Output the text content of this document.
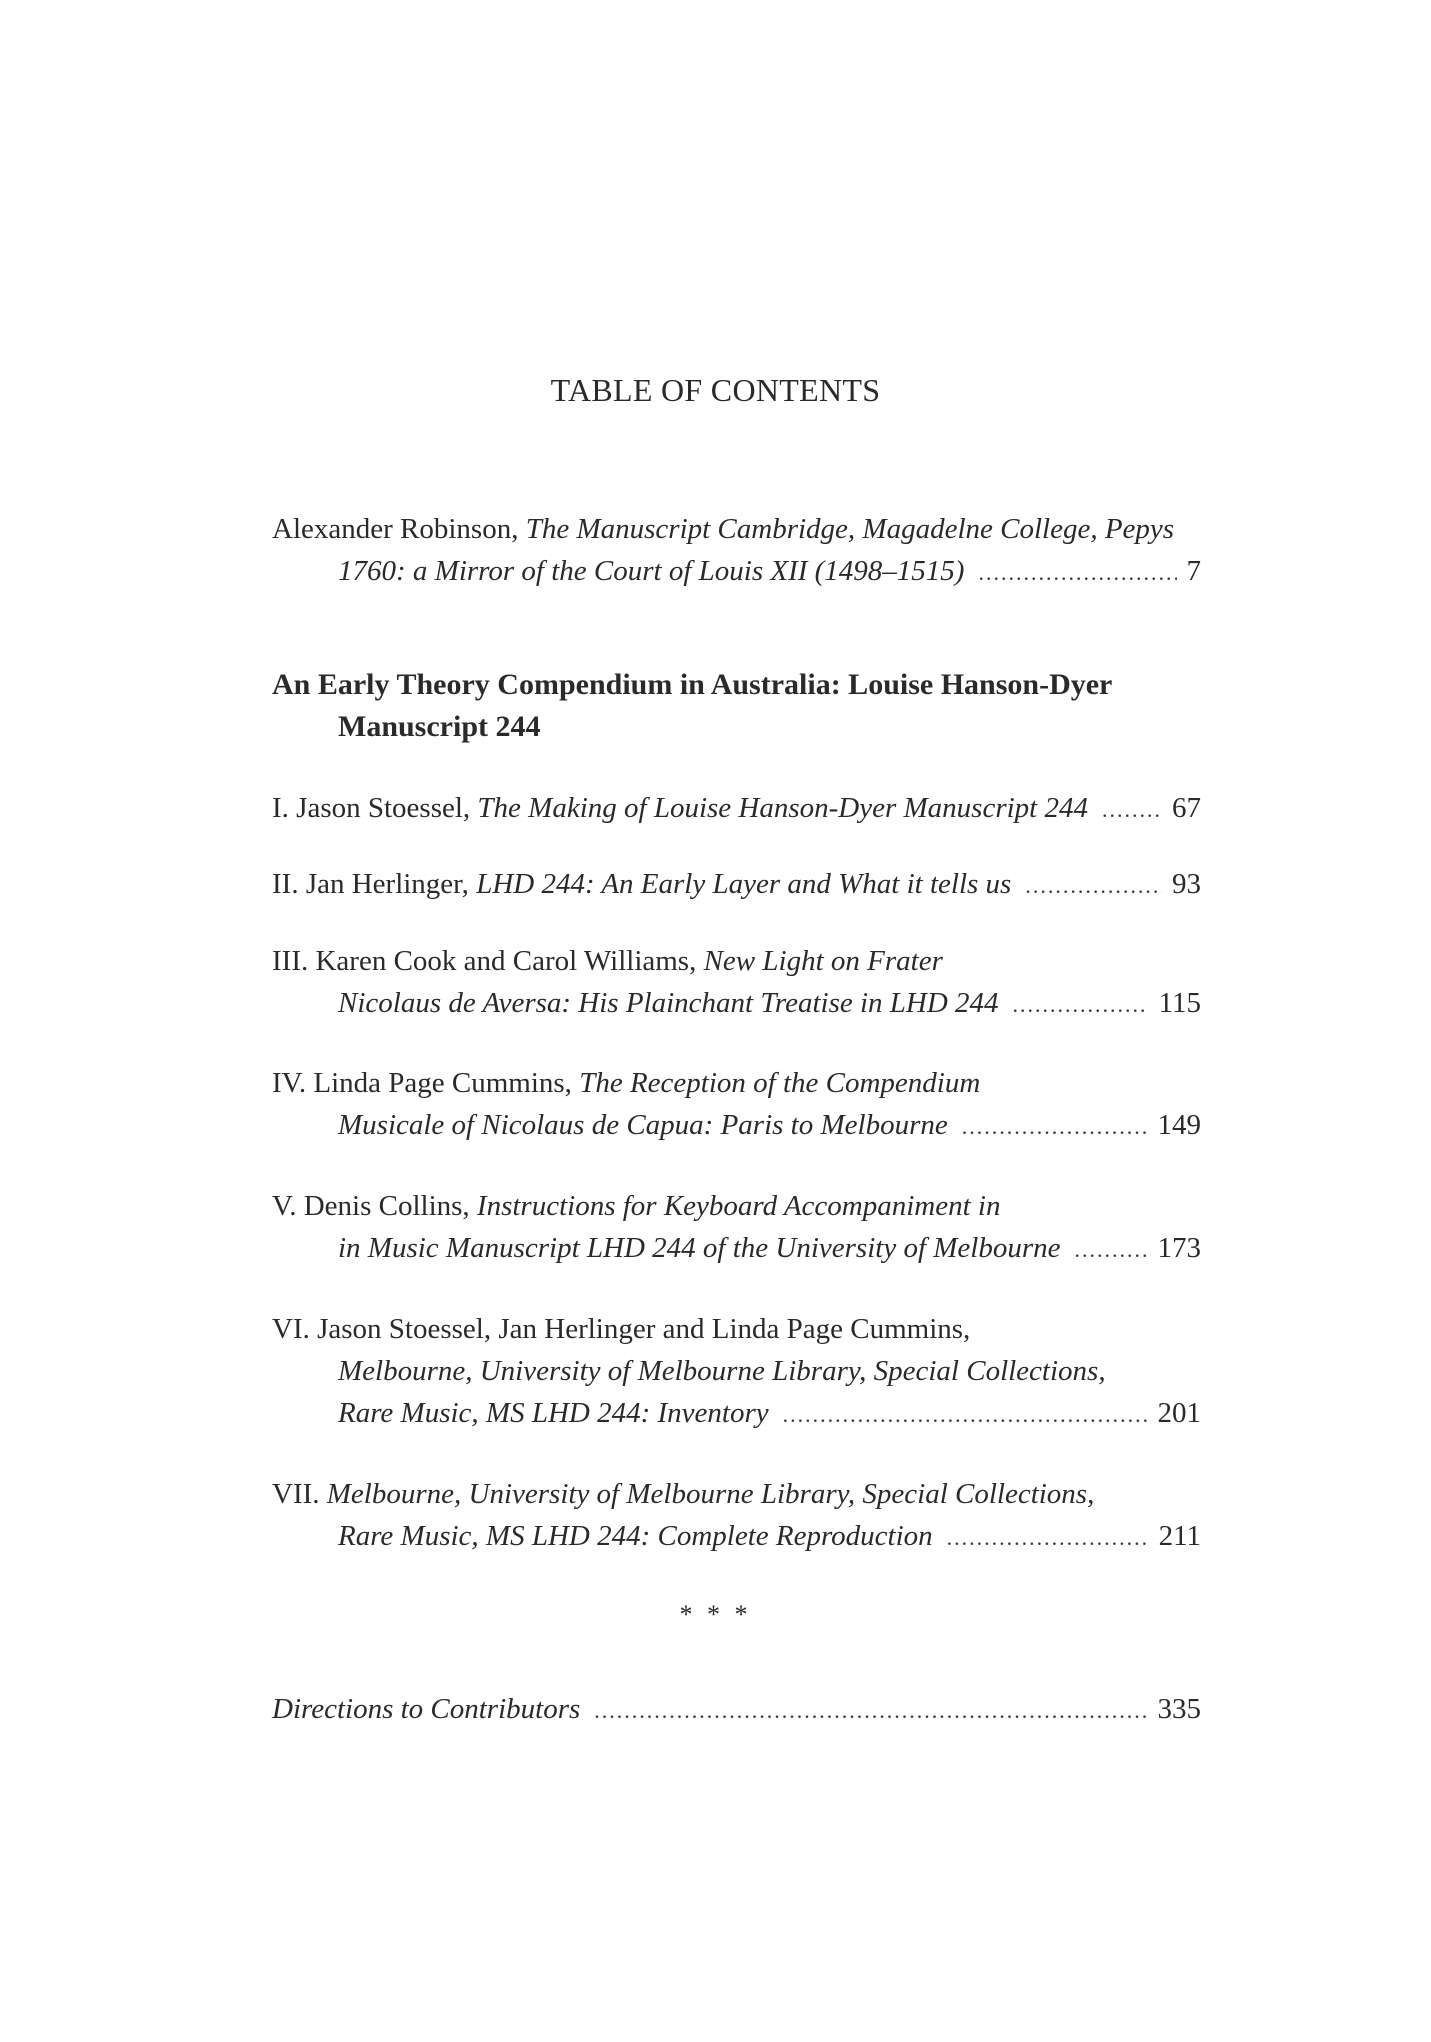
TABLE OF CONTENTS
Alexander Robinson, The Manuscript Cambridge, Magadelne College, Pepys
1760: a Mirror of the Court of Louis XII (1498–1515) .....	7
An Early Theory Compendium in Australia: Louise Hanson-Dyer
Manuscript 244
I. Jason Stoessel, The Making of Louise Hanson-Dyer Manuscript 244 .....	67
II. Jan Herlinger, LHD 244: An Early Layer and What it tells us .....	93
III. Karen Cook and Carol Williams, New Light on Frater
Nicolaus de Aversa: His Plainchant Treatise in LHD 244 .....	115
IV. Linda Page Cummins, The Reception of the Compendium
Musicale of Nicolaus de Capua: Paris to Melbourne .....	149
V. Denis Collins, Instructions for Keyboard Accompaniment in
in Music Manuscript LHD 244 of the University of Melbourne .....	173
VI. Jason Stoessel, Jan Herlinger and Linda Page Cummins,
Melbourne, University of Melbourne Library, Special Collections,
Rare Music, MS LHD 244: Inventory .....	201
VII. Melbourne, University of Melbourne Library, Special Collections,
Rare Music, MS LHD 244: Complete Reproduction .....	211
* * *
Directions to Contributors .....	335
